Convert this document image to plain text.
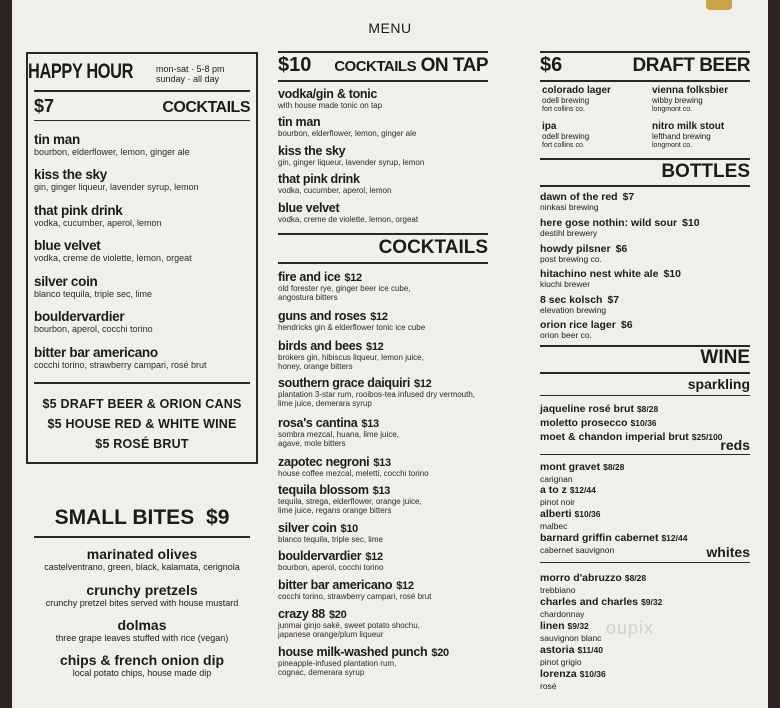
MENU
HAPPY HOUR	mon-sat · 5-8 pm
sunday · all day
$7	COCKTAILS
tin man
bourbon, elderflower, lemon, ginger ale
kiss the sky
gin, ginger liqueur, lavender syrup, lemon
that pink drink
vodka, cucumber, aperol, lemon
blue velvet
vodka, creme de violette, lemon, orgeat
silver coin
blanco tequila, triple sec, lime
bouldervardier
bourbon, aperol, cocchi torino
bitter bar americano
cocchi torino, strawberry campari, rosé brut
$5 DRAFT BEER & ORION CANS
$5 HOUSE RED & WHITE WINE
$5 ROSÉ BRUT
SMALL BITES $9
marinated olives
castelventrano, green, black, kalamata, cerignola
crunchy pretzels
crunchy pretzel bites served with house mustard
dolmas
three grape leaves stuffed with rice (vegan)
chips & french onion dip
local potato chips, house made dip
$10 COCKTAILS ON TAP
vodka/gin & tonic
with house made tonic on tap
tin man
bourbon, elderflower, lemon, ginger ale
kiss the sky
gin, ginger liqueur, lavender syrup, lemon
that pink drink
vodka, cucumber, aperol, lemon
blue velvet
vodka, creme de violette, lemon, orgeat
COCKTAILS
fire and ice $12
old forester rye, ginger beer ice cube,
angostura bitters
guns and roses $12
hendricks gin & elderflower tonic ice cube
birds and bees $12
brokers gin, hibiscus liqueur, lemon juice,
honey, orange bitters
southern grace daiquiri $12
plantation 3-star rum, rooibos-tea infused dry vermouth,
lime juice, demerara syrup
rosa's cantina $13
sombra mezcal, huana, lime juice,
agave, mole bitters
zapotec negroni $13
house coffee mezcal, meletti, cocchi torino
tequila blossom $13
tequila, strega, elderflower, orange juice,
lime juice, regans orange bitters
silver coin $10
blanco tequila, triple sec, lime
bouldervardier $12
bourbon, aperol, cocchi torino
bitter bar americano $12
cocchi torino, strawberry campari, rosé brut
crazy 88 $20
junmai ginjo saké, sweet potato shochu,
japanese orange/plum liqueur
house milk-washed punch $20
pineapple-infused plantation rum,
cognac, demerara syrup
$6	DRAFT BEER
colorado lager
odell brewing
fort collins co.
vienna folksbier
wibby brewing
longmont co.
ipa
odell brewing
fort collins co.
nitro milk stout
lefthand brewing
longmont co.
BOTTLES
dawn of the red $7
ninkasi brewing
here gose nothin: wild sour $10
destihl brewery
howdy pilsner $6
post brewing co.
hitachino nest white ale $10
kiuchi brewer
8 sec kolsch $7
elevation brewing
orion rice lager $6
orion beer co.
WINE
sparkling
jaqueline rosé brut $8/28
moletto prosecco $10/36
moet & chandon imperial brut $25/100
reds
mont gravet $8/28
carignan
a to z $12/44
pinot noir
alberti $10/36
malbec
barnard griffin cabernet $12/44
cabernet sauvignon	whites
morro d'abruzzo $8/28
trebbiano
charles and charles $9/32
chardonnay
linen $9/32
sauvignon blanc
astoria $11/40
pinot grigio
lorenza $10/36
rosé
oupix
